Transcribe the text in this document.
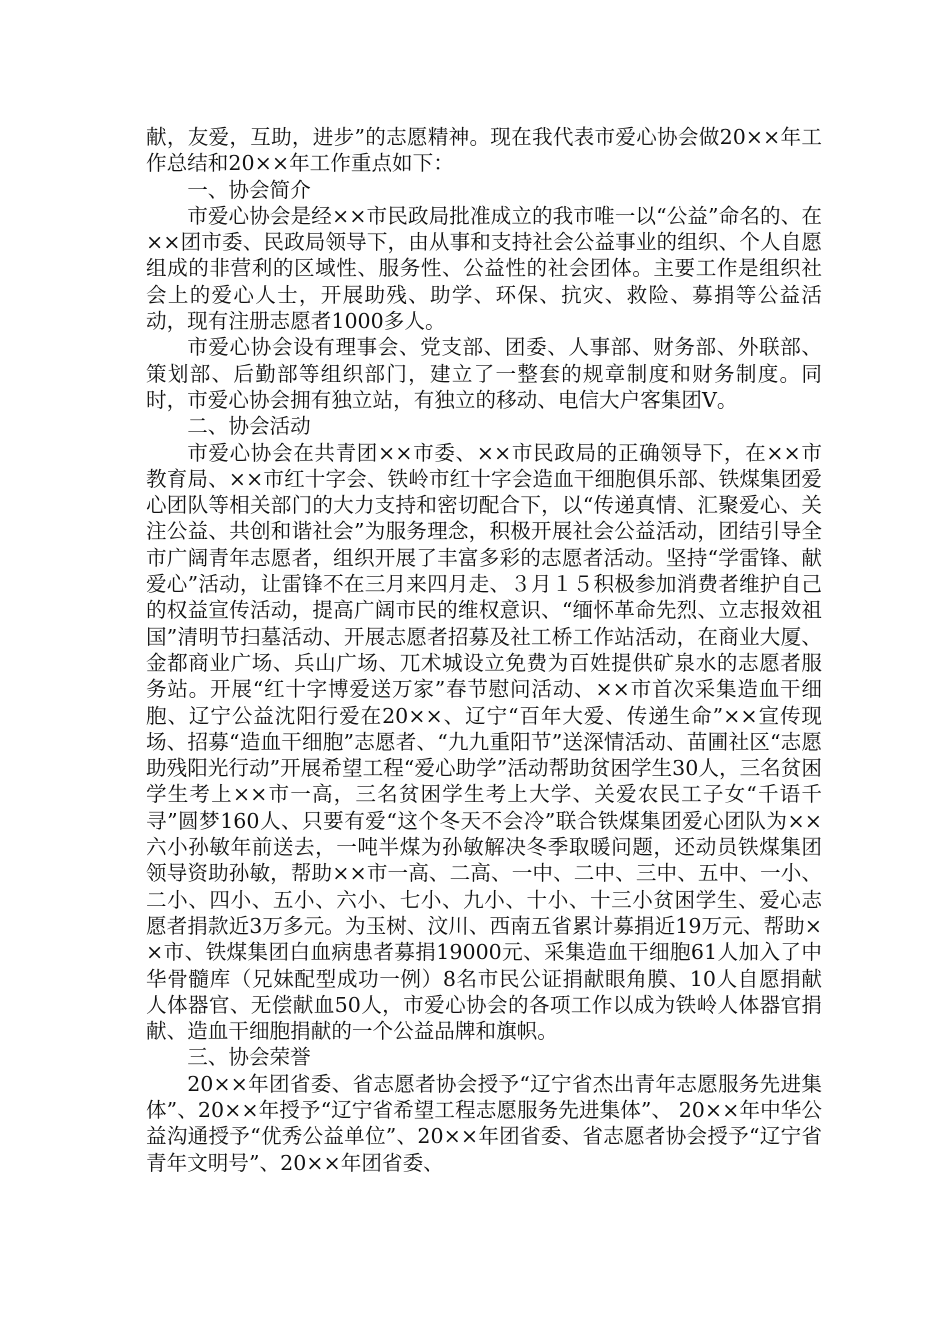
献，友爱，互助，进步”的志愿精神。现在我代表市爱心协会做20××年工作总结和20××年工作重点如下：

一、协会简介

市爱心协会是经××市民政局批准成立的我市唯一以“公益”命名的、在××团市委、民政局领导下，由从事和支持社会公益事业的组织、个人自愿组成的非营利的区域性、服务性、公益性的社会团体。主要工作是组织社会上的爱心人士，开展助残、助学、环保、抗灾、救险、募捐等公益活动，现有注册志愿者1000多人。

市爱心协会设有理事会、党支部、团委、人事部、财务部、外联部、策划部、后勤部等组织部门，建立了一整套的规章制度和财务制度。同时，市爱心协会拥有独立站，有独立的移动、电信大户客集团V。

二、协会活动

市爱心协会在共青团××市委、××市民政局的正确领导下，在××市教育局、××市红十字会、铁岭市红十字会造血干细胞俱乐部、铁煤集团爱心团队等相关部门的大力支持和密切配合下，以“传递真情、汇聚爱心、关注公益、共创和谐社会”为服务理念，积极开展社会公益活动，团结引导全市广阔青年志愿者，组织开展了丰富多彩的志愿者活动。坚持“学雷锋、献爱心”活动，让雷锋不在三月来四月走、３月１５积极参加消费者维护自己的权益宣传活动，提高广阔市民的维权意识、“缅怀革命先烈、立志报效祖国”清明节扫墓活动、开展志愿者招募及社工桥工作站活动，在商业大厦、金都商业广场、兵山广场、兀术城设立免费为百姓提供矿泉水的志愿者服务站。开展“红十字博爱送万家”春节慰问活动、××市首次采集造血干细胞、辽宁公益沈阳行爱在20××、辽宁“百年大爱、传递生命”××宣传现场、招募“造血干细胞”志愿者、“九九重阳节”送深情活动、苗圃社区“志愿助残阳光行动”开展希望工程“爱心助学”活动帮助贫困学生30人，三名贫困学生考上××市一高，三名贫困学生考上大学、关爱农民工子女“千语千寻”圆梦160人、只要有爱“这个冬天不会冷”联合铁煤集团爱心团队为××六小孙敏年前送去，一吨半煤为孙敏解决冬季取暖问题，还动员铁煤集团领导资助孙敏，帮助××市一高、二高、一中、二中、三中、五中、一小、二小、四小、五小、六小、七小、九小、十小、十三小贫困学生、爱心志愿者捐款近3万多元。为玉树、汶川、西南五省累计募捐近19万元、帮助××市、铁煤集团白血病患者募捐19000元、采集造血干细胞61人加入了中华骨髓库（兄妹配型成功一例）8名市民公证捐献眼角膜、10人自愿捐献人体器官、无偿献血50人，市爱心协会的各项工作以成为铁岭人体器官捐献、造血干细胞捐献的一个公益品牌和旗帜。

三、协会荣誉

20××年团省委、省志愿者协会授予“辽宁省杰出青年志愿服务先进集体”、20××年授予“辽宁省希望工程志愿服务先进集体”、 20××年中华公益沟通授予“优秀公益单位”、20××年团省委、省志愿者协会授予“辽宁省青年文明号”、20××年团省委、
